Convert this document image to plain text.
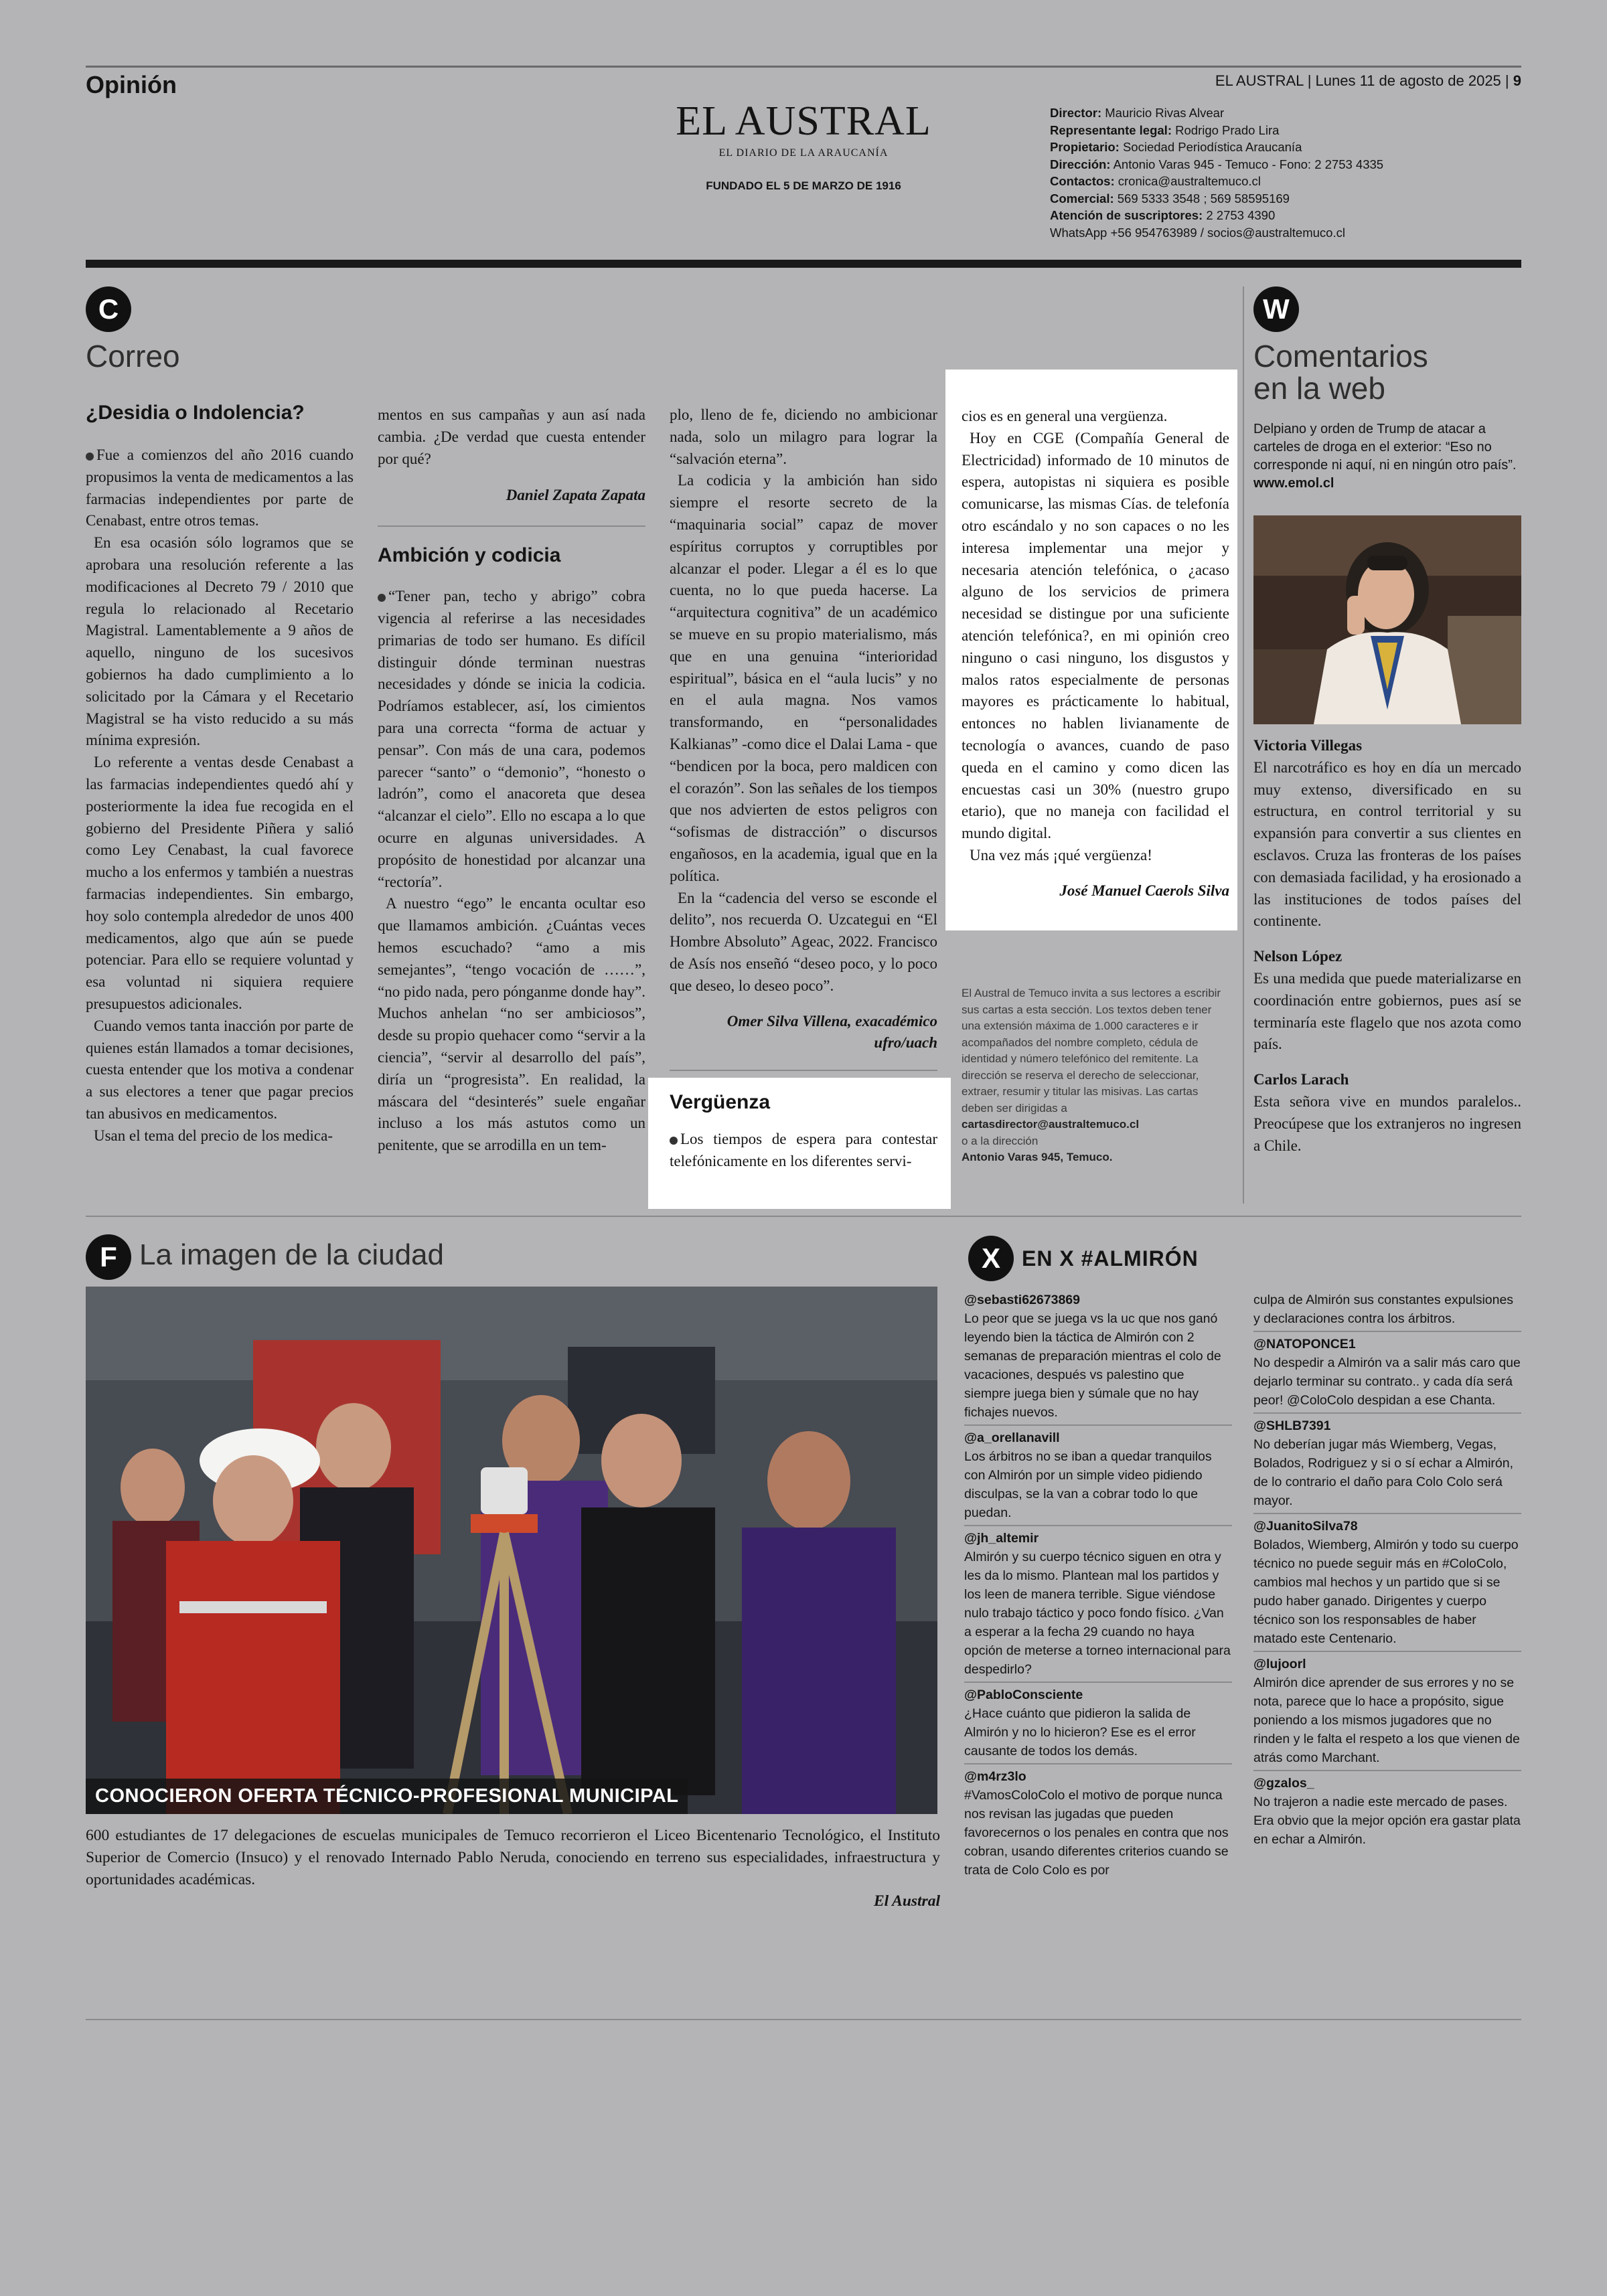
Opinión	EL AUSTRAL | Lunes 11 de agosto de 2025 | 9
EL AUSTRAL
EL DIARIO DE LA ARAUCANÍA
FUNDADO EL 5 DE MARZO DE 1916
Director: Mauricio Rivas Alvear
Representante legal: Rodrigo Prado Lira
Propietario: Sociedad Periodística Araucanía
Dirección: Antonio Varas 945 - Temuco - Fono: 2 2753 4335
Contactos: cronica@australtemuco.cl
Comercial: 569 5333 3548 ; 569 58595169
Atención de suscriptores: 2 2753 4390
WhatsApp +56 954763989 / socios@australtemuco.cl
C
Correo
¿Desidia o Indolencia?

Fue a comienzos del año 2016 cuando propusimos la venta de medicamentos a las farmacias independientes por parte de Cenabast, entre otros temas.

En esa ocasión sólo logramos que se aprobara una resolución referente a las modificaciones al Decreto 79 / 2010 que regula lo relacionado al Recetario Magistral. Lamentablemente a 9 años de aquello, ninguno de los sucesivos gobiernos ha dado cumplimiento a lo solicitado por la Cámara y el Recetario Magistral se ha visto reducido a su más mínima expresión.

Lo referente a ventas desde Cenabast a las farmacias independientes quedó ahí y posteriormente la idea fue recogida en el gobierno del Presidente Piñera y salió como Ley Cenabast, la cual favorece mucho a los enfermos y también a nuestras farmacias independientes. Sin embargo, hoy solo contempla alrededor de unos 400 medicamentos, algo que aún se puede potenciar. Para ello se requiere voluntad y esa voluntad ni siquiera requiere presupuestos adicionales.

Cuando vemos tanta inacción por parte de quienes están llamados a tomar decisiones, cuesta entender que los motiva a condenar a sus electores a tener que pagar precios tan abusivos en medicamentos.

Usan el tema del precio de los medica-

mentos en sus campañas y aun así nada cambia. ¿De verdad que cuesta entender por qué?

Daniel Zapata Zapata

Ambición y codicia

“Tener pan, techo y abrigo” cobra vigencia al referirse a las necesidades primarias de todo ser humano. Es difícil distinguir dónde terminan nuestras necesidades y dónde se inicia la codicia. Podríamos establecer, así, los cimientos para una correcta “forma de actuar y pensar”. Con más de una cara, podemos parecer “santo” o “demonio”, “honesto o ladrón”, como el anacoreta que desea “alcanzar el cielo”. Ello no escapa a lo que ocurre en algunas universidades. A propósito de honestidad por alcanzar una “rectoría”.

A nuestro “ego” le encanta ocultar eso que llamamos ambición. ¿Cuántas veces hemos escuchado? “amo a mis semejantes”, “tengo vocación de ……”, “no pido nada, pero pónganme donde hay”. Muchos anhelan “no ser ambiciosos”, desde su propio quehacer como “servir a la ciencia”, “servir al desarrollo del país”, diría un “progresista”. En realidad, la máscara del “desinterés” suele engañar incluso a los más astutos como un penitente, que se arrodilla en un tem-

plo, lleno de fe, diciendo no ambicionar nada, solo un milagro para lograr la “salvación eterna”.

La codicia y la ambición han sido siempre el resorte secreto de la “maquinaria social” capaz de mover espíritus corruptos y corruptibles por alcanzar el poder. Llegar a él es lo que cuenta, no lo que pueda hacerse. La “arquitectura cognitiva” de un académico se mueve en su propio materialismo, más que en una genuina “interioridad espiritual”, básica en el “aula lucis” y no en el aula magna. Nos vamos transformando, en “personalidades Kalkianas” -como dice el Dalai Lama - que “bendicen por la boca, pero maldicen con el corazón”. Son las señales de los tiempos que nos advierten de estos peligros con “sofismas de distracción” o discursos engañosos, en la academia, igual que en la política.

En la “cadencia del verso se esconde el delito”, nos recuerda O. Uzcategui en “El Hombre Absoluto” Ageac, 2022. Francisco de Asís nos enseñó “deseo poco, y lo poco que deseo, lo deseo poco”.

Omer Silva Villena, exacadémico

ufro/uach

Vergüenza

Los tiempos de espera para contestar telefónicamente en los diferentes servi-

cios es en general una vergüenza.

Hoy en CGE (Compañía General de Electricidad) informado de 10 minutos de espera, autopistas ni siquiera es posible comunicarse, las mismas Cías. de telefonía otro escándalo y no son capaces o no les interesa implementar una mejor y necesaria atención telefónica, o ¿acaso alguno de los servicios de primera necesidad se distingue por una suficiente atención telefónica?, en mi opinión creo ninguno o casi ninguno, los disgustos y malos ratos especialmente de personas mayores es prácticamente lo habitual, entonces no hablen livianamente de tecnología o avances, cuando de paso queda en el camino y como dicen las encuestas casi un 30% (nuestro grupo etario), que no maneja con facilidad el mundo digital.

Una vez más ¡qué vergüenza!

José Manuel Caerols Silva

El Austral de Temuco invita a sus lectores a escribir sus cartas a esta sección. Los textos deben tener una extensión máxima de 1.000 caracteres e ir acompañados del nombre completo, cédula de identidad y número telefónico del remitente. La dirección se reserva el derecho de seleccionar, extraer, resumir y titular las misivas. Las cartas deben ser dirigidas a
cartasdirector@australtemuco.cl
o a la dirección
Antonio Varas 945, Temuco.
W
Comentarios
en la web
Delpiano y orden de Trump de atacar a carteles de droga en el exterior: “Eso no corresponde ni aquí, ni en ningún otro país”. www.emol.cl
Victoria Villegas
El narcotráfico es hoy en día un mercado muy extenso, diversificado en su estructura, en control territorial y su expansión para convertir a sus clientes en esclavos. Cruza las fronteras de los países con demasiada facilidad, y ha erosionado a las instituciones de todos países del continente.
Nelson López
Es una medida que puede materializarse en coordinación entre gobiernos, pues así se terminaría este flagelo que nos azota como país.
Carlos Larach
Esta señora vive en mundos paralelos.. Preocúpese que los extranjeros no ingresen a Chile.
F La imagen de la ciudad
CONOCIERON OFERTA TÉCNICO-PROFESIONAL MUNICIPAL

600 estudiantes de 17 delegaciones de escuelas municipales de Temuco recorrieron el Liceo Bicentenario Tecnológico, el Instituto Superior de Comercio (Insuco) y el renovado Internado Pablo Neruda, conociendo en terreno sus especialidades, infraestructura y oportunidades académicas.

El Austral

X	EN X #ALMIRÓN
@sebasti62673869
Lo peor que se juega vs la uc que nos ganó leyendo bien la táctica de Almirón con 2 semanas de preparación mientras el colo de vacaciones, después vs palestino que siempre juega bien y súmale que no hay fichajes nuevos.
@a_orellanavill
Los árbitros no se iban a quedar tranquilos con Almirón por un simple video pidiendo disculpas, se la van a cobrar todo lo que puedan.
@jh_altemir
Almirón y su cuerpo técnico siguen en otra y les da lo mismo. Plantean mal los partidos y los leen de manera terrible. Sigue viéndose nulo trabajo táctico y poco fondo físico. ¿Van a esperar a la fecha 29 cuando no haya opción de meterse a torneo internacional para despedirlo?
@PabloConsciente
¿Hace cuánto que pidieron la salida de Almirón y no lo hicieron? Ese es el error causante de todos los demás.
@m4rz3lo
#VamosColoColo el motivo de porque nunca nos revisan las jugadas que pueden favorecernos o los penales en contra que nos cobran, usando diferentes criterios cuando se trata de Colo Colo es por
culpa de Almirón sus constantes expulsiones y declaraciones contra los árbitros.
@NATOPONCE1
No despedir a Almirón va a salir más caro que dejarlo terminar su contrato.. y cada día será peor! @ColoColo despidan a ese Chanta.
@SHLB7391
No deberían jugar más Wiemberg, Vegas, Bolados, Rodriguez y si o sí echar a Almirón, de lo contrario el daño para Colo Colo será mayor.
@JuanitoSilva78
Bolados, Wiemberg, Almirón y todo su cuerpo técnico no puede seguir más en #ColoColo, cambios mal hechos y un partido que si se pudo haber ganado. Dirigentes y cuerpo técnico son los responsables de haber matado este Centenario.
@lujoorl
Almirón dice aprender de sus errores y no se nota, parece que lo hace a propósito, sigue poniendo a los mismos jugadores que no rinden y le falta el respeto a los que vienen de atrás como Marchant.
@gzalos_
No trajeron a nadie este mercado de pases. Era obvio que la mejor opción era gastar plata en echar a Almirón.
